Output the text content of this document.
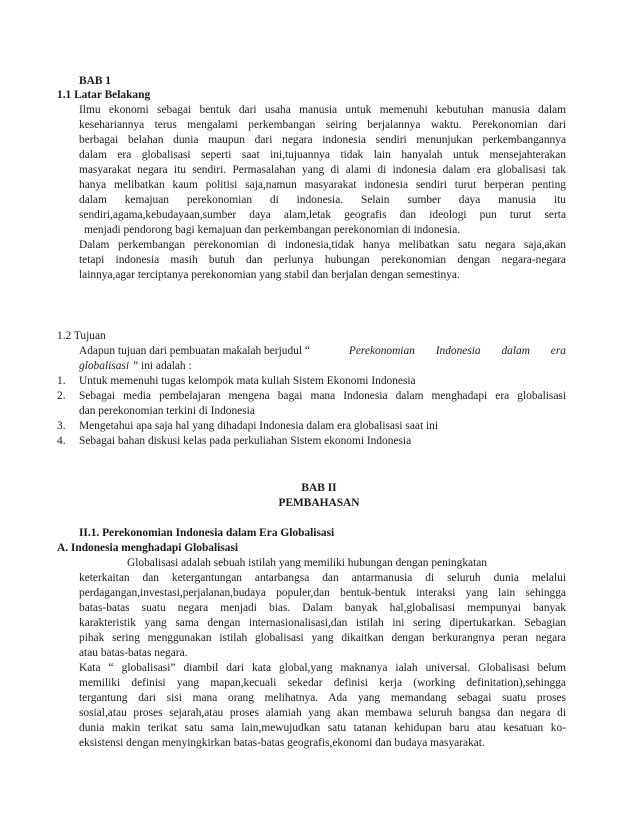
BAB 1
1.1 Latar Belakang
Ilmu ekonomi sebagai bentuk dari usaha manusia untuk memenuhi kebutuhan manusia dalam
kesehariannya terus mengalami perkembangan seiring berjalannya waktu. Perekonomian dari
berbagai belahan dunia maupun dari negara indonesia sendiri menunjukan perkembangannya
dalam era globalisasi seperti saat ini,tujuannya tidak lain hanyalah untuk mensejahterakan
masyarakat negara itu sendiri. Permasalahan yang di alami di indonesia dalam era globalisasi tak
hanya melibatkan kaum politisi saja,namun masyarakat indonesia sendiri turut berperan penting
dalam kemajuan perekonomian di indonesia. Selain sumber daya manusia itu
sendiri,agama,kebudayaan,sumber daya alam,letak geografis dan ideologi pun turut serta
menjadi pendorong bagi kemajuan dan perkembangan perekonomian di indonesia.
Dalam perkembangan perekonomian di indonesia,tidak hanya melibatkan satu negara saja,akan
tetapi indonesia masih butuh dan perlunya hubungan perekonomian dengan negara-negara
lainnya,agar terciptanya perekonomian yang stabil dan berjalan dengan semestinya.
1.2 Tujuan
Adapun tujuan dari pembuatan makalah berjudul “	Perekonomian Indonesia dalam era
globalisasi ” ini adalah :
1. Untuk memenuhi tugas kelompok mata kuliah Sistem Ekonomi Indonesia
2. Sebagai media pembelajaran mengena bagai mana Indonesia dalam menghadapi era globalisasi
dan perekonomian terkini di Indonesia
3. Mengetahui apa saja hal yang dihadapi Indonesia dalam era globalisasi saat ini
4. Sebagai bahan diskusi kelas pada perkuliahan Sistem ekonomi Indonesia
BAB II
PEMBAHASAN
II.1. Perekonomian Indonesia dalam Era Globalisasi
A. Indonesia menghadapi Globalisasi
Globalisasi adalah sebuah istilah yang memiliki hubungan dengan peningkatan
keterkaitan dan ketergantungan antarbangsa dan antarmanusia di seluruh dunia melalui
perdagangan,investasi,perjalanan,budaya populer,dan bentuk-bentuk interaksi yang lain sehingga
batas-batas suatu negara menjadi bias. Dalam banyak hal,globalisasi mempunyai banyak
karakteristik yang sama dengan internasionalisasi,dan istilah ini sering dipertukarkan. Sebagian
pihak sering menggunakan istilah globalisasi yang dikaitkan dengan berkurangnya peran negara
atau batas-batas negara.
Kata “ globalisasi” diambil dari kata global,yang maknanya ialah universal. Globalisasi belum
memiliki definisi yang mapan,kecuali sekedar definisi kerja (working definitation),sehingga
tergantung dari sisi mana orang melihatnya. Ada yang memandang sebagai suatu proses
sosial,atau proses sejarah,atau proses alamiah yang akan membawa seluruh bangsa dan negara di
dunia makin terikat satu sama lain,mewujudkan satu tatanan kehidupan baru atau kesatuan ko-
eksistensi dengan menyingkirkan batas-batas geografis,ekonomi dan budaya masyarakat.
